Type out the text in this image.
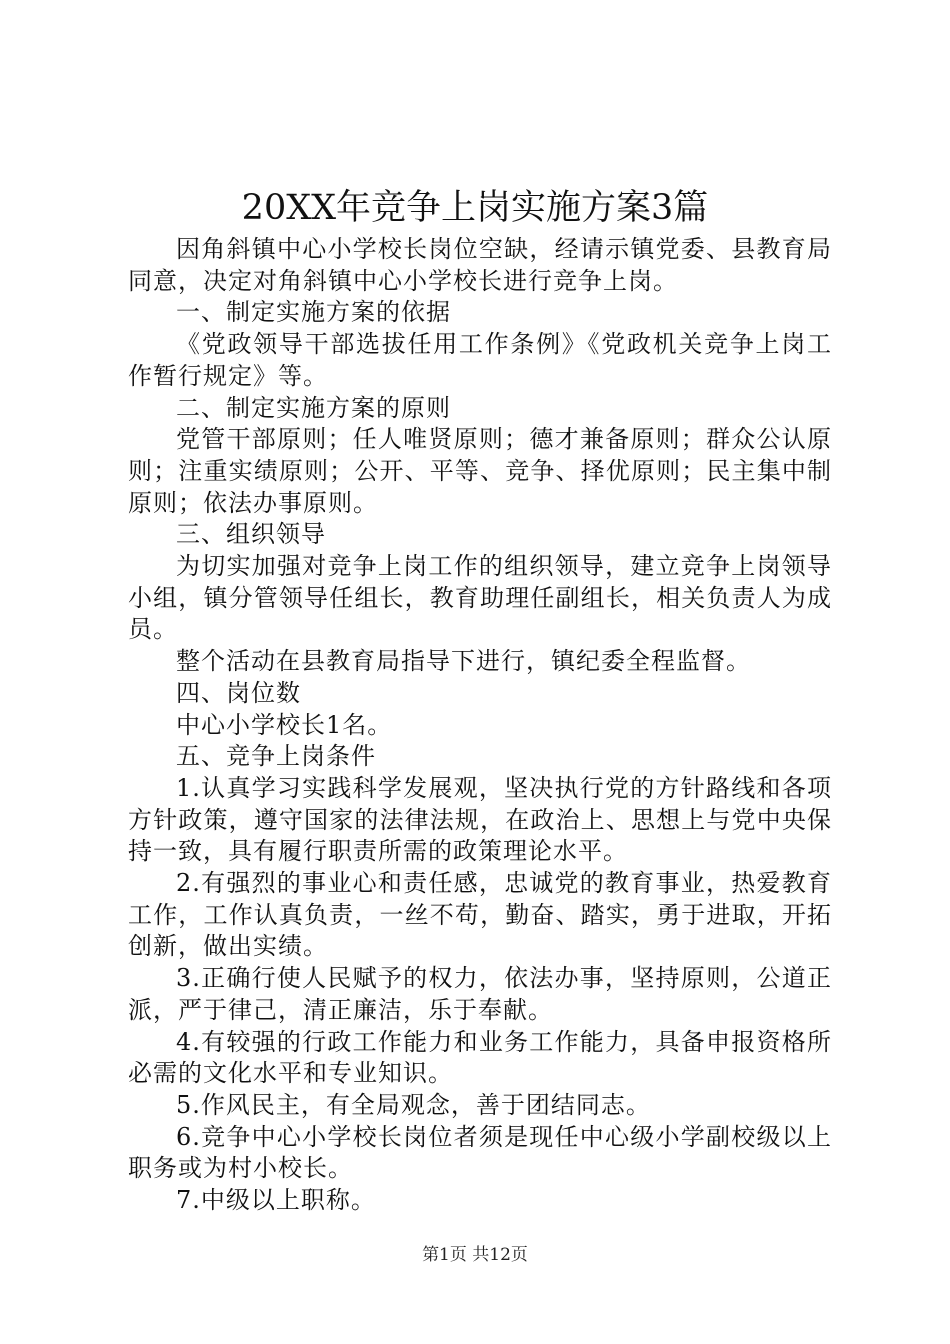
20XX年竞争上岗实施方案3篇

因角斜镇中心小学校长岗位空缺，经请示镇党委、县教育局同意，决定对角斜镇中心小学校长进行竞争上岗。

一、制定实施方案的依据

《党政领导干部选拔任用工作条例》《党政机关竞争上岗工作暂行规定》等。

二、制定实施方案的原则

党管干部原则；任人唯贤原则；德才兼备原则；群众公认原则；注重实绩原则；公开、平等、竞争、择优原则；民主集中制原则；依法办事原则。

三、组织领导

为切实加强对竞争上岗工作的组织领导，建立竞争上岗领导小组，镇分管领导任组长，教育助理任副组长，相关负责人为成员。

整个活动在县教育局指导下进行，镇纪委全程监督。

四、岗位数

中心小学校长1名。

五、竞争上岗条件

1.认真学习实践科学发展观，坚决执行党的方针路线和各项方针政策，遵守国家的法律法规，在政治上、思想上与党中央保持一致，具有履行职责所需的政策理论水平。

2.有强烈的事业心和责任感，忠诚党的教育事业，热爱教育工作，工作认真负责，一丝不苟，勤奋、踏实，勇于进取，开拓创新，做出实绩。

3.正确行使人民赋予的权力，依法办事，坚持原则，公道正派，严于律己，清正廉洁，乐于奉献。

4.有较强的行政工作能力和业务工作能力，具备申报资格所必需的文化水平和专业知识。

5.作风民主，有全局观念，善于团结同志。

6.竞争中心小学校长岗位者须是现任中心级小学副校级以上职务或为村小校长。

7.中级以上职称。

第1页 共12页
